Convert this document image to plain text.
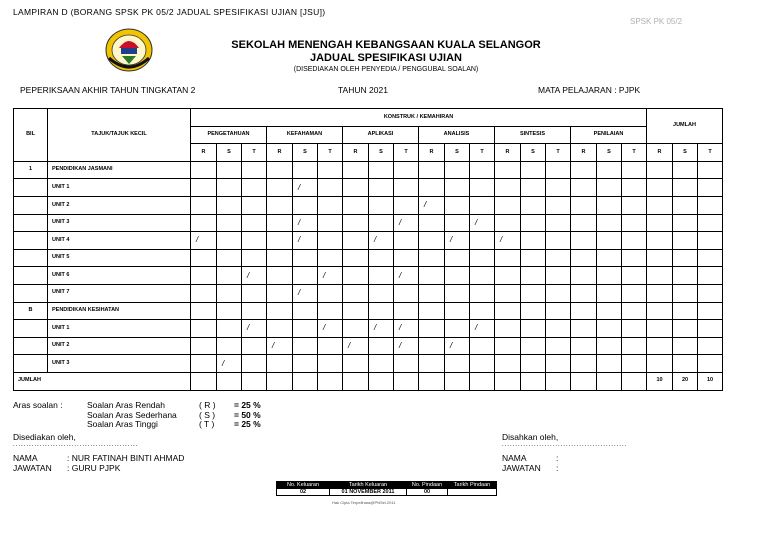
LAMPIRAN D (BORANG SPSK PK 05/2 JADUAL SPESIFIKASI UJIAN [JSU])
SPSK PK 05/2
SEKOLAH MENENGAH KEBANGSAAN KUALA SELANGOR
JADUAL SPESIFIKASI UJIAN
(DISEDIAKAN OLEH PENYEDIA / PENGGUBAL SOALAN)
PEPERIKSAAN AKHIR TAHUN TINGKATAN 2	TAHUN 2021	MATA PELAJARAN : PJPK
BIL	TAJUK/TAJUK KECIL	KONSTRUK / KEMAHIRAN																		JUMLAH		
		PENGETAHUAN			KEFAHAMAN			APLIKASI			ANALISIS			SINTESIS			PENILAIAN					
		R	S	T	R	S	T	R	S	T	R	S	T	R	S	T	R	S	T	R	S	T
1	PENDIDIKAN JASMANI																					
	UNIT 1					/																
	UNIT 2										/											
	UNIT 3					/				/			/									
	UNIT 4	/				/			/			/		/								
	UNIT 5																					
	UNIT 6			/			/			/												
	UNIT 7					/																
B	PENDIDIKAN KESIHATAN																					
	UNIT 1			/			/		/	/			/									
	UNIT 2				/			/		/		/										
	UNIT 3		/																			
JUMLAH																				10	20	10
Aras soalan :	Soalan Aras Rendah
Soalan Aras Sederhana
Soalan Aras Tinggi
( R )
( S )
( T )
= 25 %
= 50 %
= 25 %
Disediakan oleh,
...............................................
NAMA	: NUR FATINAH BINTI AHMAD
JAWATAN : GURU PJPK
Disahkan oleh,
...............................................
NAMA	:
JAWATAN :
No. Keluaran	Tarikh Keluaran	No. Pindaan	Tarikh Pindaan
02	01 NOVEMBER 2011	00	
Hak Cipta Terpelihara@PNSel.2011
